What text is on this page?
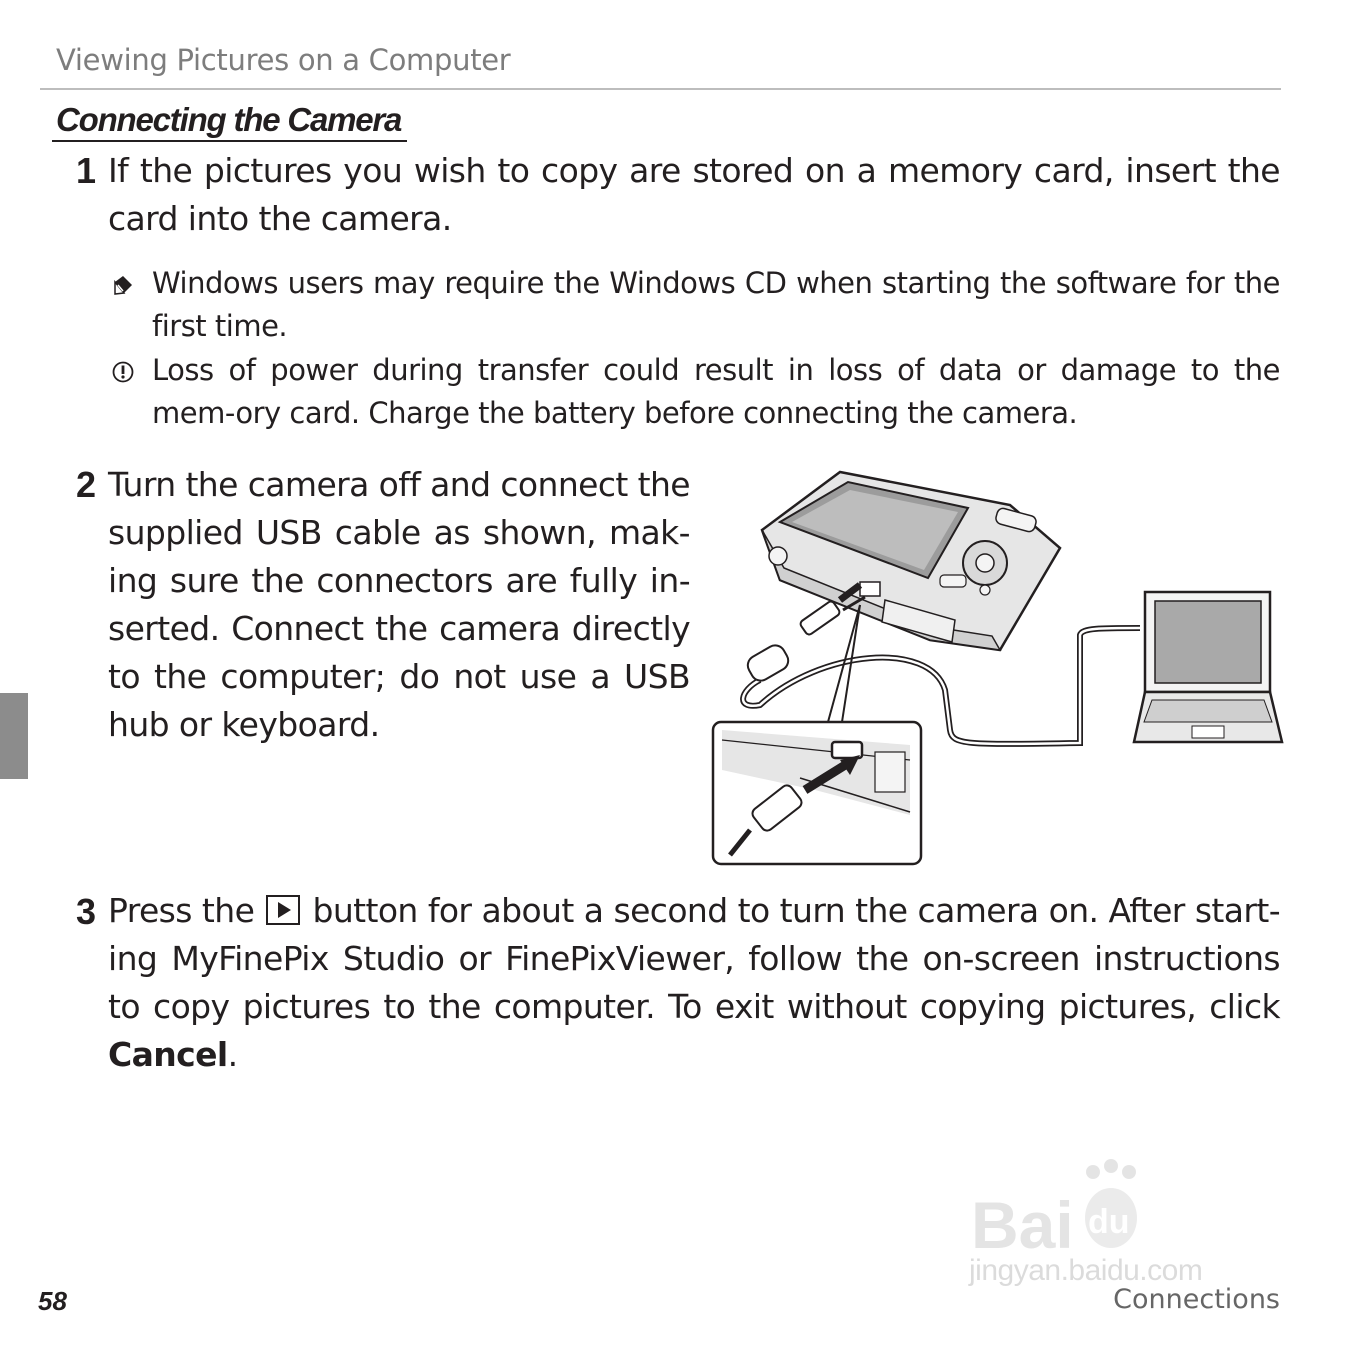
Viewing Pictures on a Computer
Connecting the Camera
1 If the pictures you wish to copy are stored on a memory card, insert the card into the camera.
Windows users may require the Windows CD when starting the software for the first time.
Loss of power during transfer could result in loss of data or damage to the mem-ory card. Charge the battery before connecting the camera.
2 Turn the camera off and connect the supplied USB cable as shown, mak-ing sure the connectors are fully in-serted. Connect the camera directly to the computer; do not use a USB hub or keyboard.
3 Press the button for about a second to turn the camera on. After start-ing MyFinePix Studio or FinePixViewer, follow the on-screen instructions to copy pictures to the computer. To exit without copying pictures, click Cancel.
Bai du
jingyan.baidu.com
58	Connections
